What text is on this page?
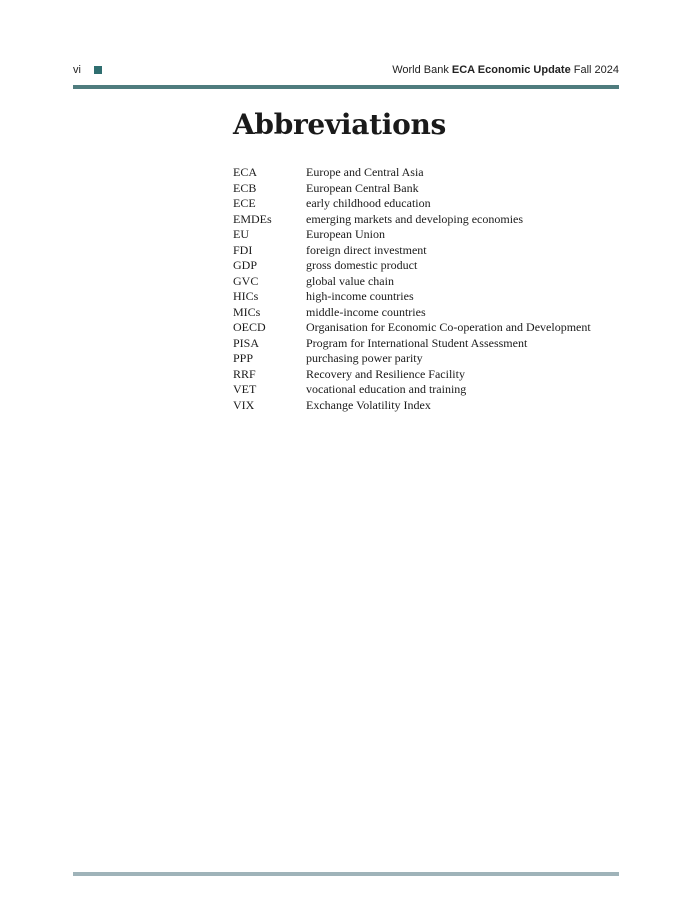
vi	World Bank ECA Economic Update Fall 2024
Abbreviations
ECA	Europe and Central Asia
ECB	European Central Bank
ECE	early childhood education
EMDEs	emerging markets and developing economies
EU	European Union
FDI	foreign direct investment
GDP	gross domestic product
GVC	global value chain
HICs	high-income countries
MICs	middle-income countries
OECD	Organisation for Economic Co-operation and Development
PISA	Program for International Student Assessment
PPP	purchasing power parity
RRF	Recovery and Resilience Facility
VET	vocational education and training
VIX	Exchange Volatility Index
